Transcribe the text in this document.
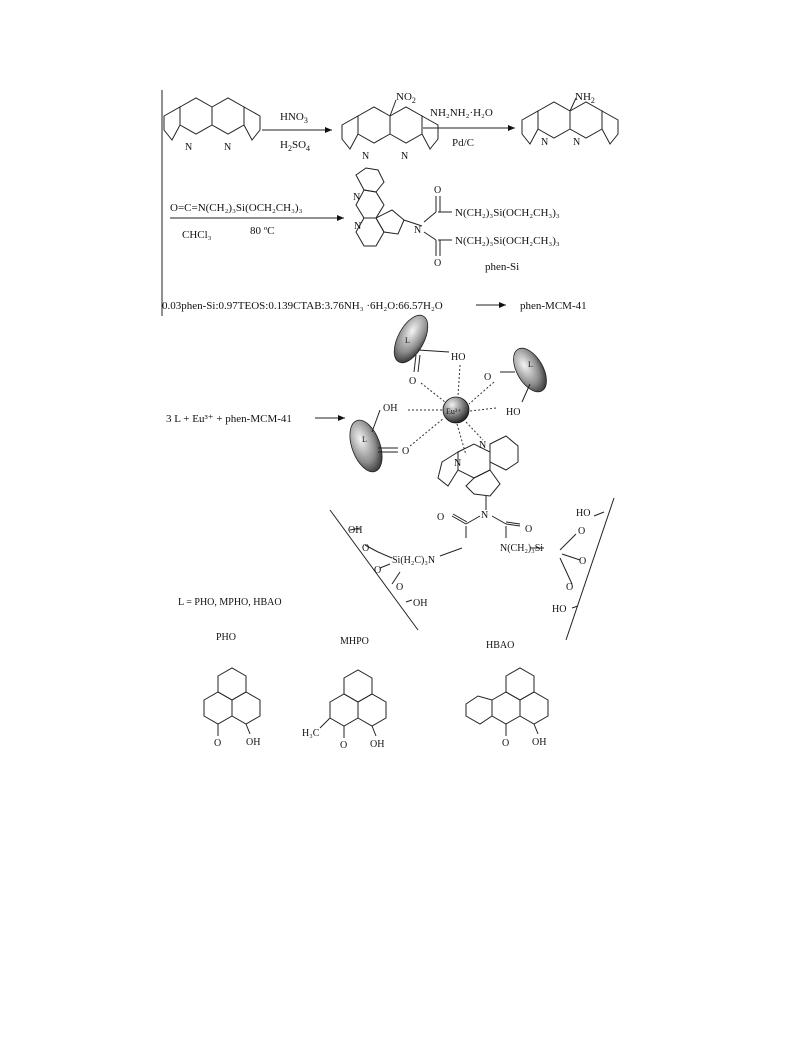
N	N
$HNO_3$
$H_2SO_4$
$NO_2$
N	N
NH₂NH₂·H₂O
Pd/C
$NH_2$
N N
O=C=N(CH₂)₃Si(OCH₂CH₃)₃
CHCl₃	80 ºC
N
N	N
O
O
N(CH₂)₃Si(OCH₂CH₃)₃
N(CH₂)₃Si(OCH₂CH₃)₃
phen-Si
0.03phen-Si:0.97TEOS:0.139CTAB:3.76NH₃ ·6H₂O:66.57H₂O	phen-MCM-41
3 L + Eu³⁺ + phen-MCM-41
L
L
L
Eu³⁺
HO
O	O
HO
OH
O
N
N
N
O
O
Si(H₂C)₃N
N(CH₂)₃Si
OH
O
O
O
OH
HO
O
O
O
HO
L = PHO, MPHO, HBAO
PHO	MHPO	HBAO
O OH
H₃C
O OH	O OH
